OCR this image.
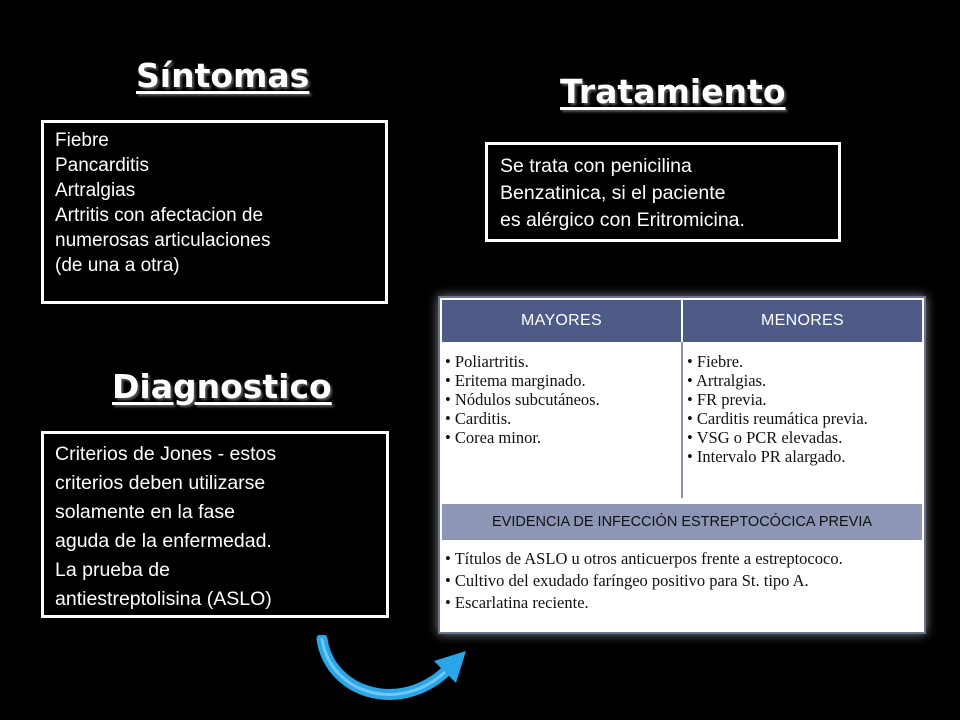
Síntomas
Fiebre
Pancarditis
Artralgias
Artritis con afectacion de
numerosas articulaciones
(de una a otra)
Tratamiento
Se trata con penicilina
Benzatinica, si el paciente
es alérgico con Eritromicina.
Diagnostico
Criterios de Jones - estos
criterios deben utilizarse
solamente en la fase
aguda de la enfermedad.
La prueba de
antiestreptolisina (ASLO)
MAYORES	MENORES
• Poliartritis.
• Eritema marginado.
• Nódulos subcutáneos.
• Carditis.
• Corea minor.
• Fiebre.
• Artralgias.
• FR previa.
• Carditis reumática previa.
• VSG o PCR elevadas.
• Intervalo PR alargado.
EVIDENCIA DE INFECCIÓN ESTREPTOCÓCICA PREVIA
• Títulos de ASLO u otros anticuerpos frente a estreptococo.
• Cultivo del exudado faríngeo positivo para St. tipo A.
• Escarlatina reciente.
